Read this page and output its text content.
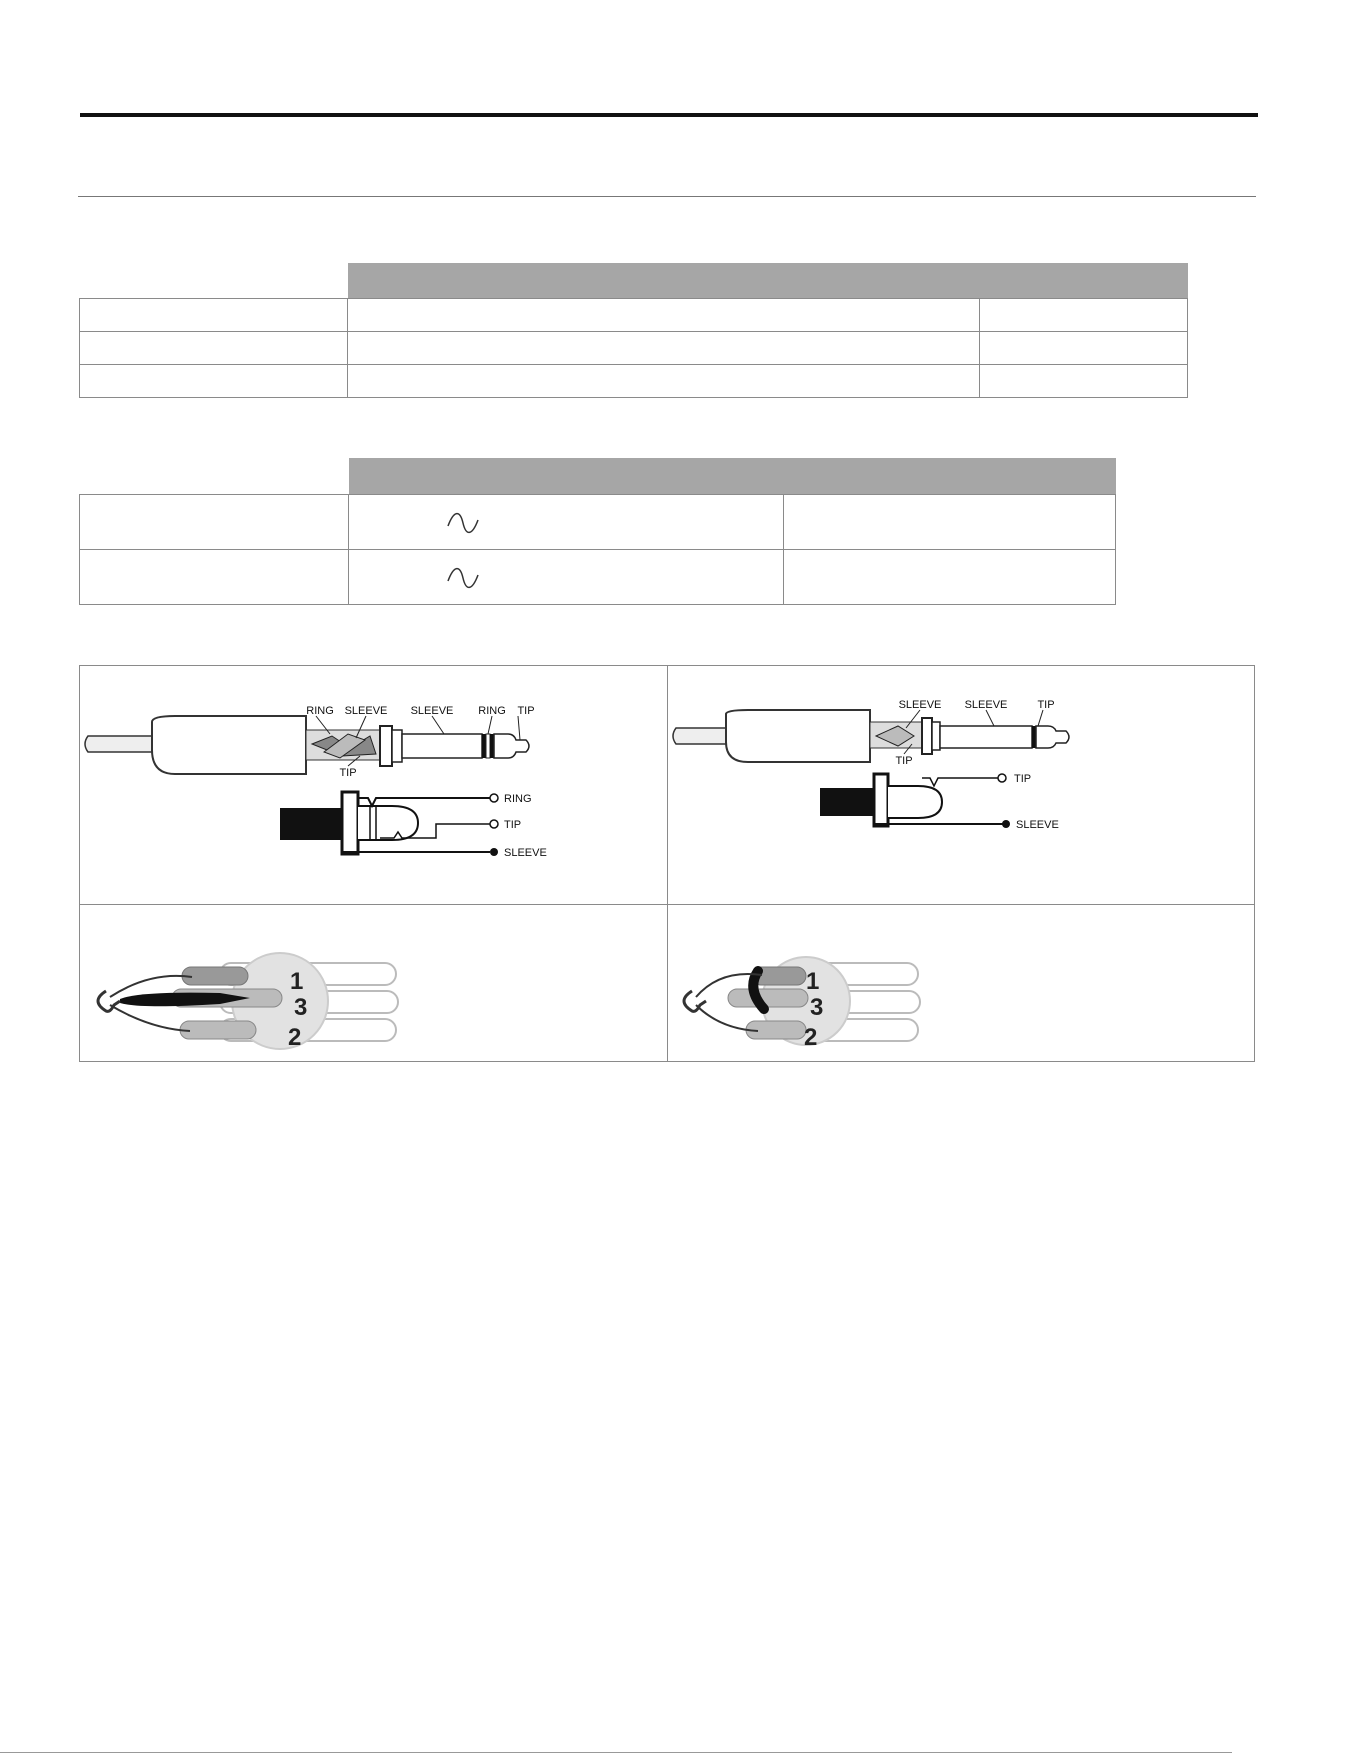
RING SLEEVE SLEEVE RING TIP
TIP
RING
TIP
SLEEVE
SLEEVE SLEEVE	TIP
TIP
TIP
SLEEVE
1
3
2
1
3
2
